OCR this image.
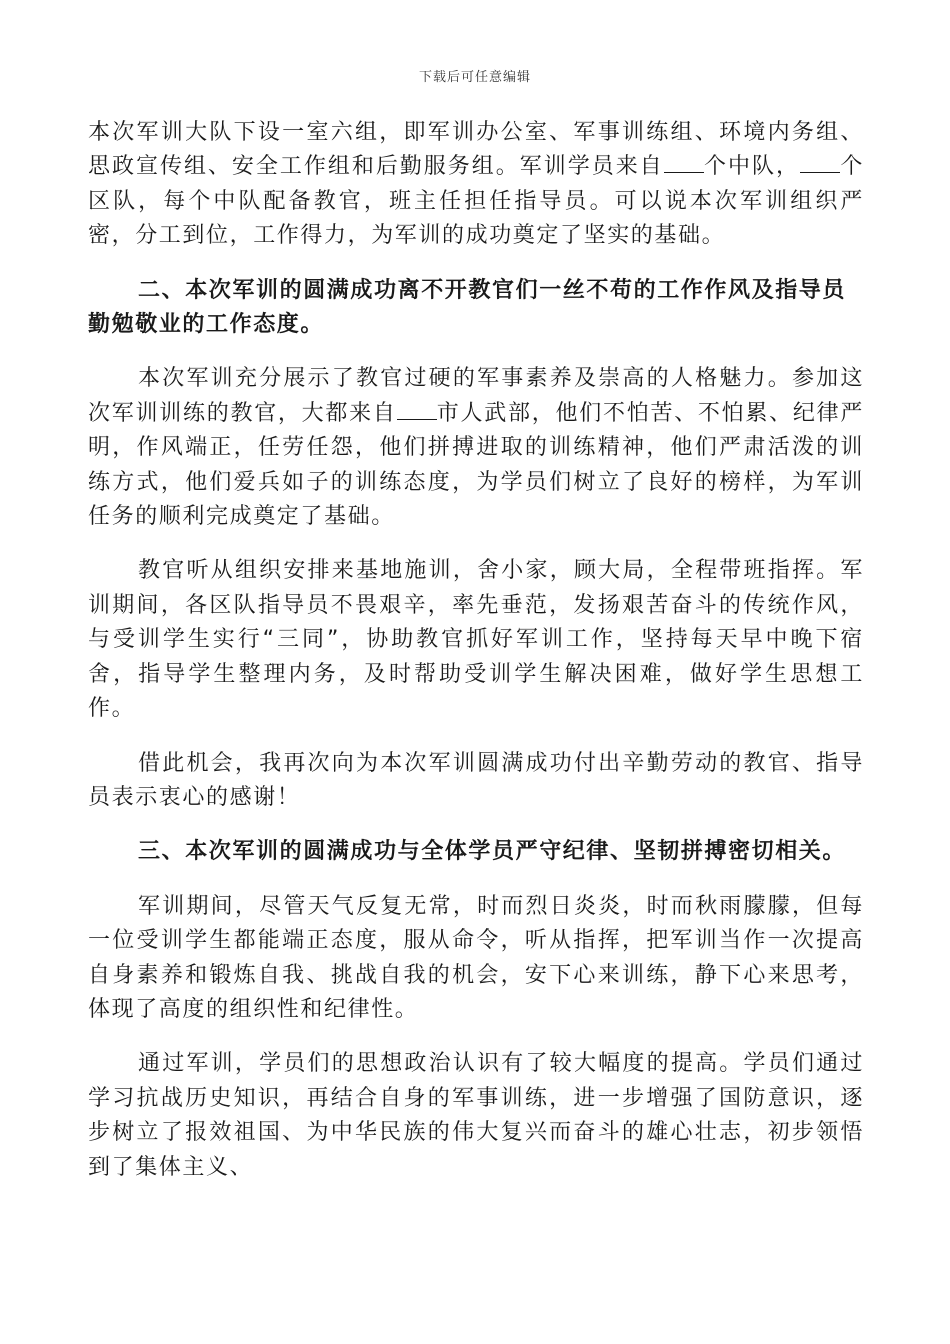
下载后可任意编辑

本次军训大队下设一室六组，即军训办公室、军事训练组、环境内务组、思政宣传组、安全工作组和后勤服务组。军训学员来自 个中队， 个区队，每个中队配备教官，班主任担任指导员。可以说本次军训组织严密，分工到位，工作得力，为军训的成功奠定了坚实的基础。

二、本次军训的圆满成功离不开教官们一丝不苟的工作作风及指导员勤勉敬业的工作态度。

本次军训充分展示了教官过硬的军事素养及崇高的人格魅力。参加这次军训训练的教官，大都来自 市人武部，他们不怕苦、不怕累、纪律严明，作风端正，任劳任怨，他们拼搏进取的训练精神，他们严肃活泼的训练方式，他们爱兵如子的训练态度，为学员们树立了良好的榜样，为军训任务的顺利完成奠定了基础。

教官听从组织安排来基地施训，舍小家，顾大局，全程带班指挥。军训期间，各区队指导员不畏艰辛，率先垂范，发扬艰苦奋斗的传统作风，与受训学生实行“三同”，协助教官抓好军训工作，坚持每天早中晚下宿舍，指导学生整理内务，及时帮助受训学生解决困难，做好学生思想工作。

借此机会，我再次向为本次军训圆满成功付出辛勤劳动的教官、指导员表示衷心的感谢！

三、本次军训的圆满成功与全体学员严守纪律、坚韧拼搏密切相关。

军训期间，尽管天气反复无常，时而烈日炎炎，时而秋雨朦朦，但每一位受训学生都能端正态度，服从命令，听从指挥，把军训当作一次提高自身素养和锻炼自我、挑战自我的机会，安下心来训练，静下心来思考，体现了高度的组织性和纪律性。

通过军训，学员们的思想政治认识有了较大幅度的提高。学员们通过学习抗战历史知识，再结合自身的军事训练，进一步增强了国防意识，逐步树立了报效祖国、为中华民族的伟大复兴而奋斗的雄心壮志，初步领悟到了集体主义、
